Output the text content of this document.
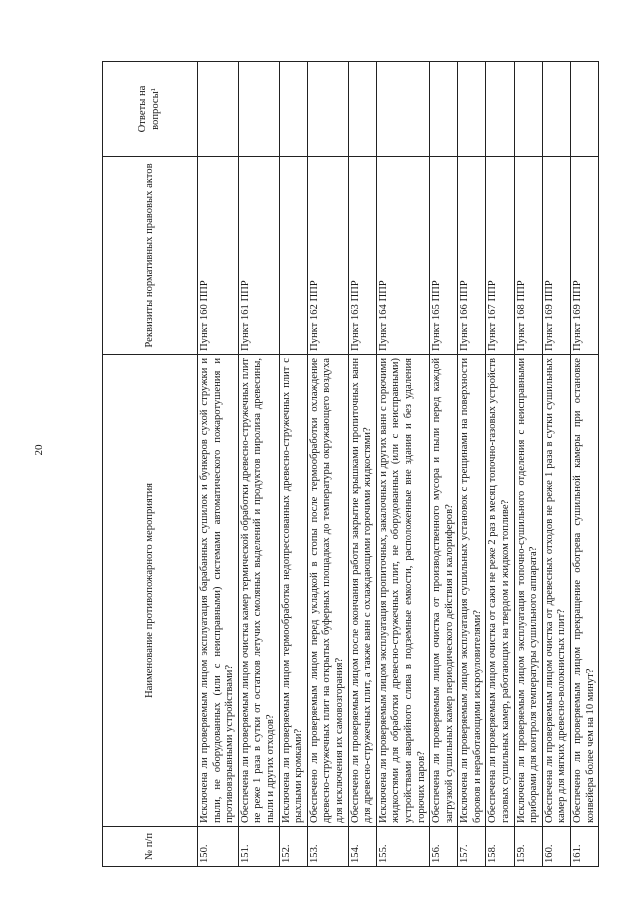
20
№ п/п	Наименование противопожарного мероприятия	Реквизиты нормативных правовых актов	Ответы на вопросы¹
150.	Исключена ли проверяемым лицом эксплуатация барабанных сушилок и бункеров сухой стружки и пыли, не оборудованных (или с неисправными) системами автоматического пожаротушения и противовзрывными устройствами?	Пункт 160 ППР	
151.	Обеспечена ли проверяемым лицом очистка камер термической обработки древесно-стружечных плит не реже 1 раза в сутки от остатков летучих смоляных выделений и продуктов пиролиза древесины, пыли и других отходов?	Пункт 161 ППР	
152.	Исключена ли проверяемым лицом термообработка недопрессованных древесно-стружечных плит с рыхлыми кромками?		
153.	Обеспечено ли проверяемым лицом перед укладкой в стопы после термообработки охлаждение древесно-стружечных плит на открытых буферных площадках до температуры окружающего воздуха для исключения их самовозгорания?	Пункт 162 ППР	
154.	Обеспечено ли проверяемым лицом после окончания работы закрытие крышками пропиточных ванн для древесно-стружечных плит, а также ванн с охлаждающими горючими жидкостями?	Пункт 163 ППР	
155.	Исключена ли проверяемым лицом эксплуатация пропиточных, закалочных и других ванн с горючими жидкостями для обработки древесно-стружечных плит, не оборудованных (или с неисправными) устройствами аварийного слива в подземные емкости, расположенные вне здания и без удаления горючих паров?	Пункт 164 ППР	
156.	Обеспечена ли проверяемым лицом очистка от производственного мусора и пыли перед каждой загрузкой сушильных камер периодического действия и калориферов?	Пункт 165 ППР	
157.	Исключена ли проверяемым лицом эксплуатация сушильных установок с трещинами на поверхности боровов и неработающими искроуловителями?	Пункт 166 ППР	
158.	Обеспечена ли проверяемым лицом очистка от сажи не реже 2 раз в месяц топочно-газовых устройств газовых сушильных камер, работающих на твердом и жидком топливе?	Пункт 167 ППР	
159.	Исключена ли проверяемым лицом эксплуатация топочно-сушильного отделения с неисправными приборами для контроля температуры сушильного аппарата?	Пункт 168 ППР	
160.	Обеспечена ли проверяемым лицом очистка от древесных отходов не реже 1 раза в сутки сушильных камер для мягких древесно-волокнистых плит?	Пункт 169 ППР	
161.	Обеспечено ли проверяемым лицом прекращение обогрева сушильной камеры при остановке конвейера более чем на 10 минут?	Пункт 169 ППР	
